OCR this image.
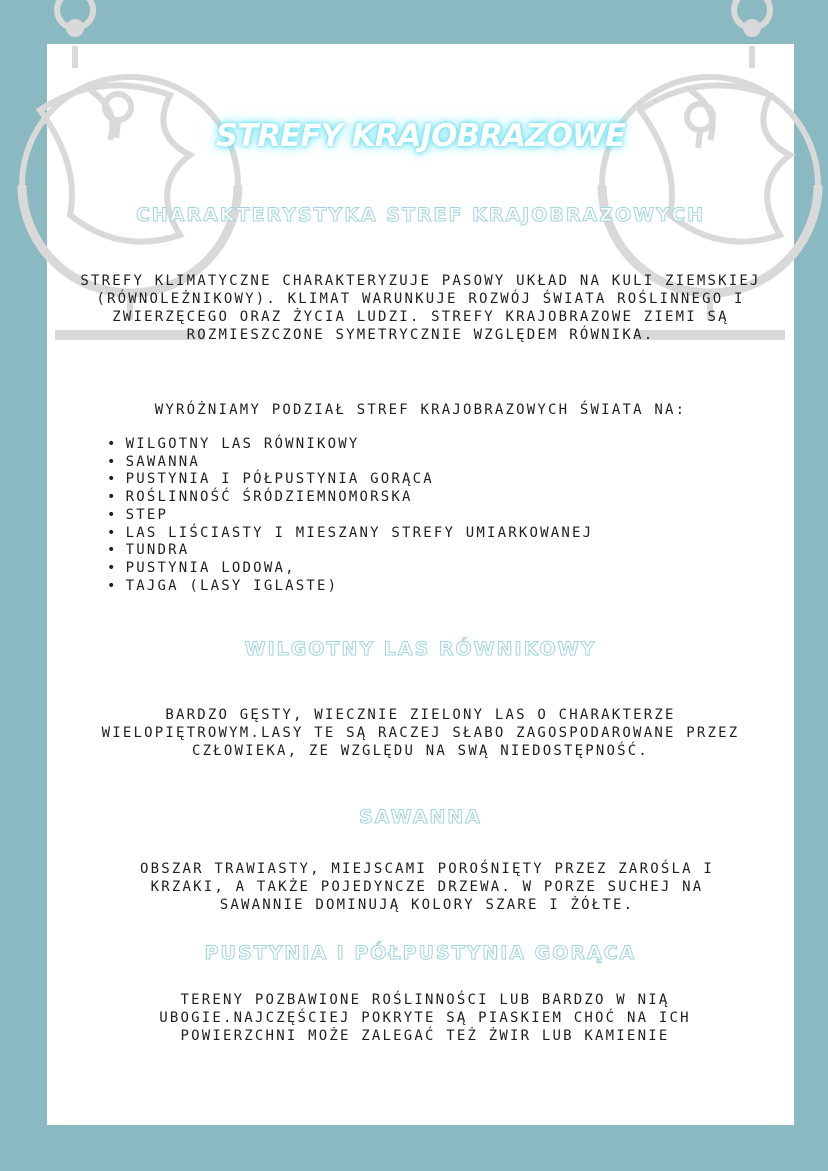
STREFY KRAJOBRAZOWE
CHARAKTERYSTYKA STREF KRAJOBRAZOWYCH
STREFY KLIMATYCZNE CHARAKTERYZUJE PASOWY UKŁAD NA KULI ZIEMSKIEJ (RÓWNOLEŻNIKOWY). KLIMAT WARUNKUJE ROZWÓJ ŚWIATA ROŚLINNEGO I ZWIERZĘCEGO ORAZ ŻYCIA LUDZI. STREFY KRAJOBRAZOWE ZIEMI SĄ ROZMIESZCZONE SYMETRYCZNIE WZGLĘDEM RÓWNIKA.
WYRÓŻNIAMY PODZIAŁ STREF KRAJOBRAZOWYCH ŚWIATA NA:
• WILGOTNY LAS RÓWNIKOWY
• SAWANNA
• PUSTYNIA I PÓŁPUSTYNIA GORĄCA
• ROŚLINNOŚĆ ŚRÓDZIEMNOMORSKA
• STEP
• LAS LIŚCIASTY I MIESZANY STREFY UMIARKOWANEJ
• TUNDRA
• PUSTYNIA LODOWA,
• TAJGA (LASY IGLASTE)
WILGOTNY LAS RÓWNIKOWY
BARDZO GĘSTY, WIECZNIE ZIELONY LAS O CHARAKTERZE WIELOPIĘTROWYM.LASY TE SĄ RACZEJ SŁABO ZAGOSPODAROWANE PRZEZ CZŁOWIEKA, ZE WZGLĘDU NA SWĄ NIEDOSTĘPNOŚĆ.
SAWANNA
OBSZAR TRAWIASTY, MIEJSCAMI POROŚNIĘTY PRZEZ ZAROŚLA I KRZAKI, A TAKŻE POJEDYNCZE DRZEWA. W PORZE SUCHEJ NA SAWANNIE DOMINUJĄ KOLORY SZARE I ŻÓŁTE.
PUSTYNIA I PÓŁPUSTYNIA GORĄCA
TERENY POZBAWIONE ROŚLINNOŚCI LUB BARDZO W NIĄ UBOGIE.NAJCZĘŚCIEJ POKRYTE SĄ PIASKIEM CHOĆ NA ICH POWIERZCHNI MOŻE ZALEGAĆ TEŻ ŻWIR LUB KAMIENIE
